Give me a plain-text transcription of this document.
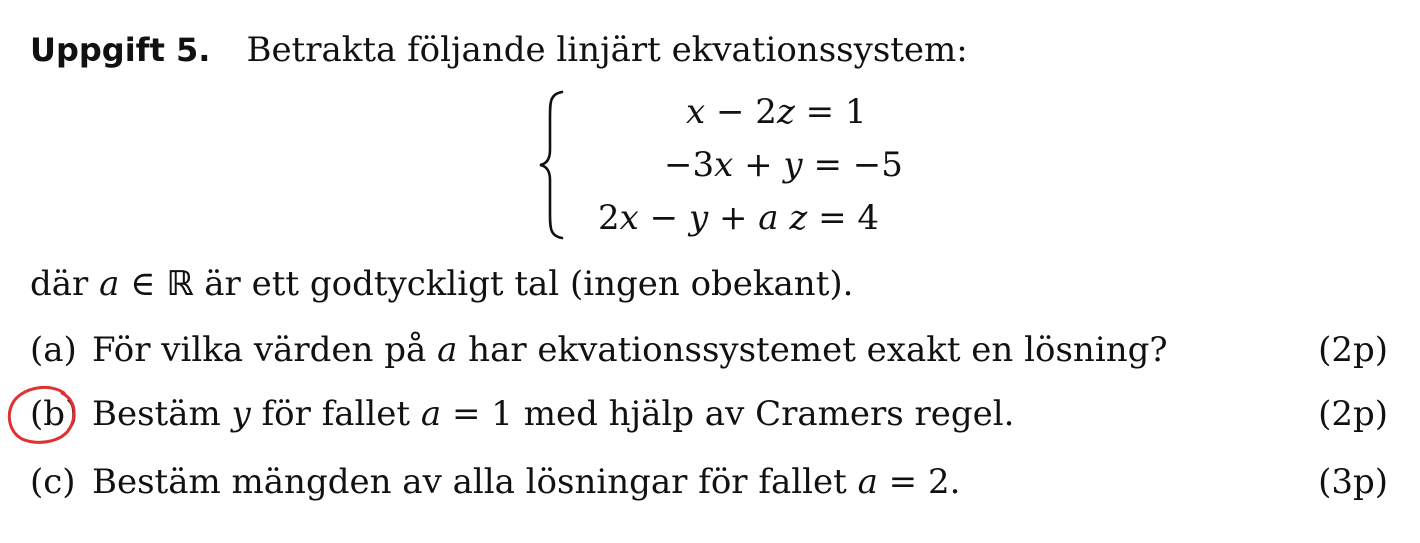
Uppgift 5. Betrakta följande linjärt ekvationssystem:
x − 2z = 1
−3x + y = −5
2x − y + a z = 4
där a ∈ ℝ är ett godtyckligt tal (ingen obekant).
(a) För vilka värden på a har ekvationssystemet exakt en lösning?	(2p)
(b) Bestäm y för fallet a = 1 med hjälp av Cramers regel.	(2p)
(c) Bestäm mängden av alla lösningar för fallet a = 2.	(3p)
